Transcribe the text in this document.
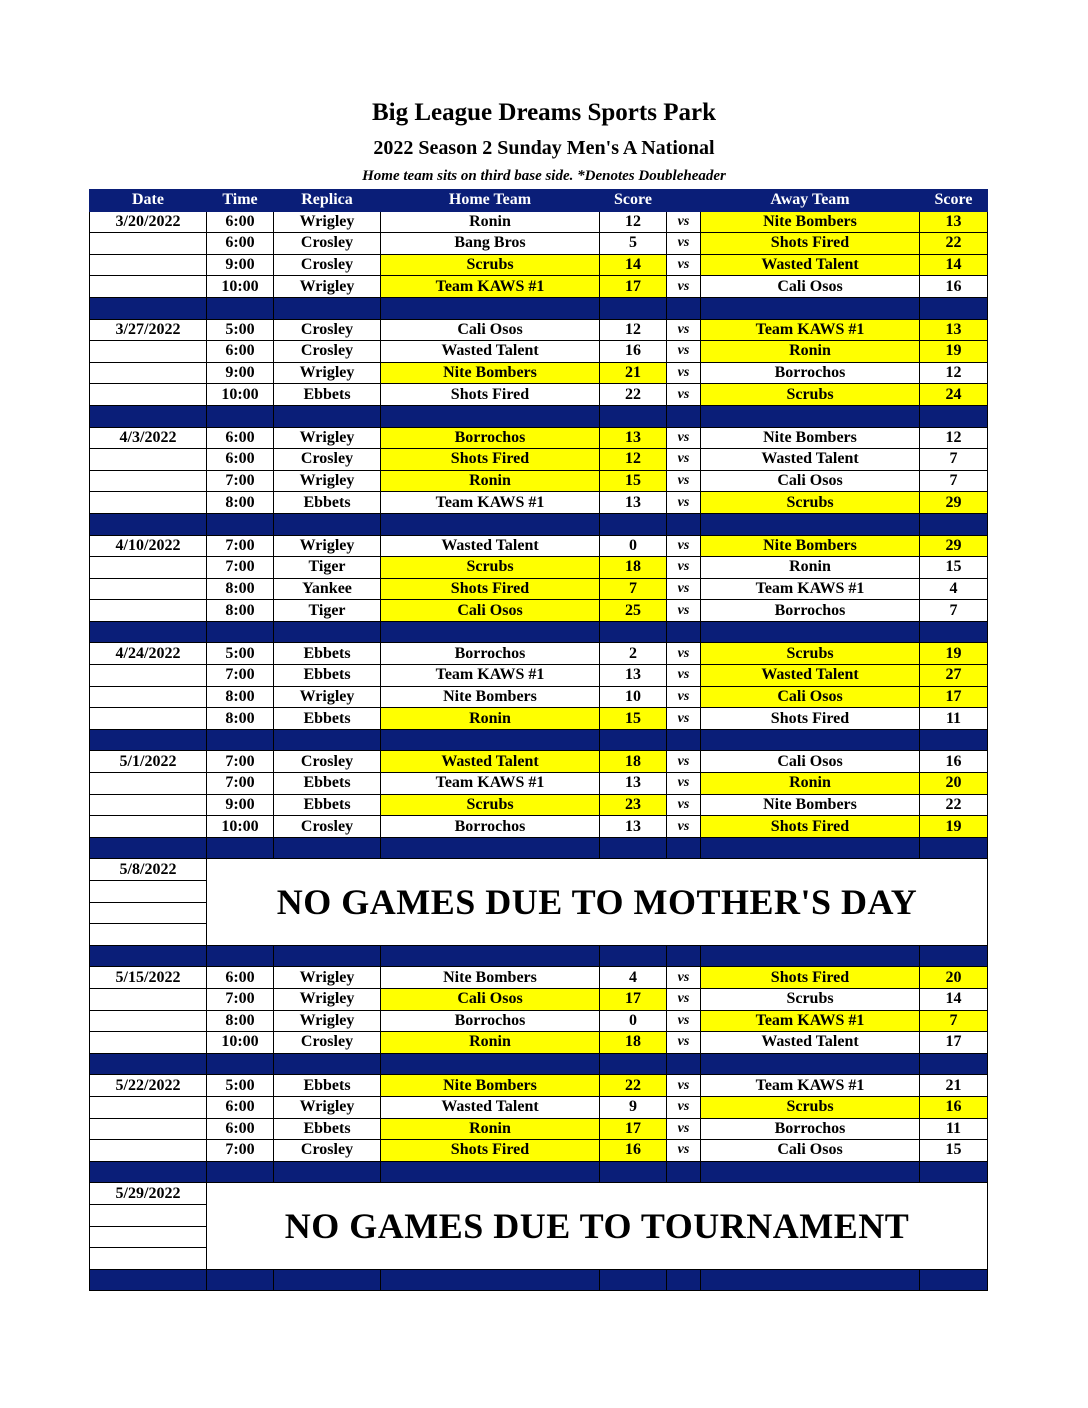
Big League Dreams Sports Park
2022 Season 2 Sunday Men's A National
Home team sits on third base side. *Denotes Doubleheader
Date	Time	Replica	Home Team	Score		Away Team	Score
3/20/2022	6:00	Wrigley	Ronin	12	vs	Nite Bombers	13
	6:00	Crosley	Bang Bros	5	vs	Shots Fired	22
	9:00	Crosley	Scrubs	14	vs	Wasted Talent	14
	10:00	Wrigley	Team KAWS #1	17	vs	Cali Osos	16

3/27/2022	5:00	Crosley	Cali Osos	12	vs	Team KAWS #1	13
	6:00	Crosley	Wasted Talent	16	vs	Ronin	19
	9:00	Wrigley	Nite Bombers	21	vs	Borrochos	12
	10:00	Ebbets	Shots Fired	22	vs	Scrubs	24

4/3/2022	6:00	Wrigley	Borrochos	13	vs	Nite Bombers	12
	6:00	Crosley	Shots Fired	12	vs	Wasted Talent	7
	7:00	Wrigley	Ronin	15	vs	Cali Osos	7
	8:00	Ebbets	Team KAWS #1	13	vs	Scrubs	29

4/10/2022	7:00	Wrigley	Wasted Talent	0	vs	Nite Bombers	29
	7:00	Tiger	Scrubs	18	vs	Ronin	15
	8:00	Yankee	Shots Fired	7	vs	Team KAWS #1	4
	8:00	Tiger	Cali Osos	25	vs	Borrochos	7

4/24/2022	5:00	Ebbets	Borrochos	2	vs	Scrubs	19
	7:00	Ebbets	Team KAWS #1	13	vs	Wasted Talent	27
	8:00	Wrigley	Nite Bombers	10	vs	Cali Osos	17
	8:00	Ebbets	Ronin	15	vs	Shots Fired	11

5/1/2022	7:00	Crosley	Wasted Talent	18	vs	Cali Osos	16
	7:00	Ebbets	Team KAWS #1	13	vs	Ronin	20
	9:00	Ebbets	Scrubs	23	vs	Nite Bombers	22
	10:00	Crosley	Borrochos	13	vs	Shots Fired	19

5/8/2022	NO GAMES DUE TO MOTHER'S DAY						

5/15/2022	6:00	Wrigley	Nite Bombers	4	vs	Shots Fired	20
	7:00	Wrigley	Cali Osos	17	vs	Scrubs	14
	8:00	Wrigley	Borrochos	0	vs	Team KAWS #1	7
	10:00	Crosley	Ronin	18	vs	Wasted Talent	17

5/22/2022	5:00	Ebbets	Nite Bombers	22	vs	Team KAWS #1	21
	6:00	Wrigley	Wasted Talent	9	vs	Scrubs	16
	6:00	Ebbets	Ronin	17	vs	Borrochos	11
	7:00	Crosley	Shots Fired	16	vs	Cali Osos	15

5/29/2022	NO GAMES DUE TO TOURNAMENT						
